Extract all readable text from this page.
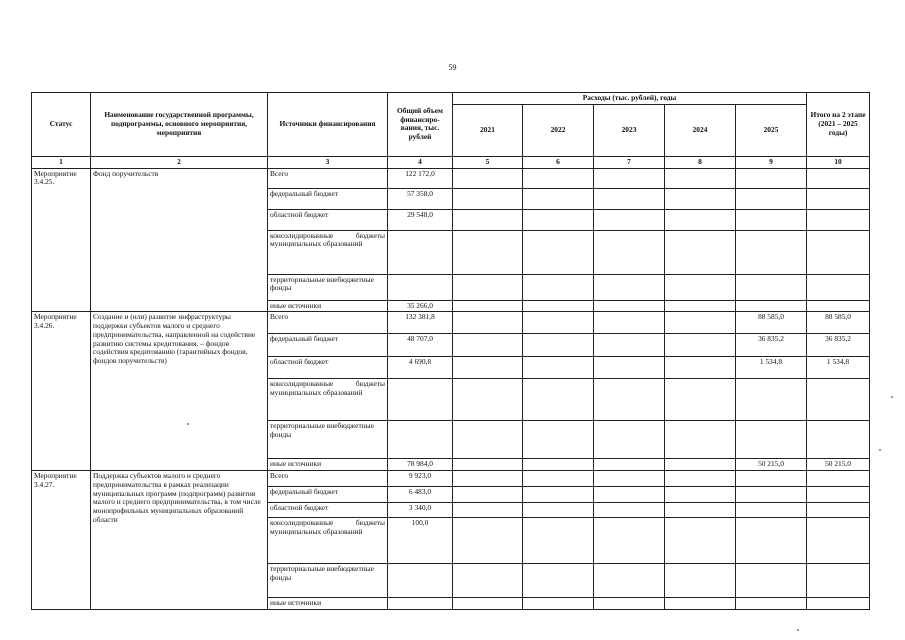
59
Статус	Наименование государственной программы, подпрограммы, основного мероприятия, мероприятия	Источники финансирования	Общий объем финансиро-вания, тыс. рублей	Расходы (тыс. рублей), годы					Итого на 2 этапе (2021 – 2025 годы)
				2021	2022	2023	2024	2025	
1	2	3	4	5	6	7	8	9	10
Мероприятие 3.4.25.	Фонд поручительств	Всего	122 172,0						
		федеральный бюджет	57 358,0						
		областной бюджет	29 548,0						
		консолидированные бюджеты муниципальных образований							
		территориальные внебюджетные фонды							
		иные источники	35 266,0						
Мероприятие 3.4.26.	Создание и (или) развитие инфраструктуры поддержки субъектов малого и среднего предпринимательства, направленной на содействие развитию системы кредитования, – фондов содействия кредитованию (гарантийных фондов, фондов поручительств)	Всего	132 381,8					88 585,0	88 585,0
		федеральный бюджет	48 707,0					36 835,2	36 835,2
		областной бюджет	4 690,8					1 534,8	1 534,8
		консолидированные бюджеты муниципальных образований							
		территориальные внебюджетные фонды							
		иные источники	78 984,0					50 215,0	50 215,0
Мероприятие 3.4.27.	Поддержка субъектов малого и среднего предпринимательства в рамках реализации муниципальных программ (подпрограмм) развития малого и среднего предпринимательства, в том числе монопрофильных муниципальных образований области	Всего	9 923,0						
		федеральный бюджет	6 483,0						
		областной бюджет	3 340,0						
		консолидированные бюджеты муниципальных образований	100,0						
		территориальные внебюджетные фонды							
		иные источники							
